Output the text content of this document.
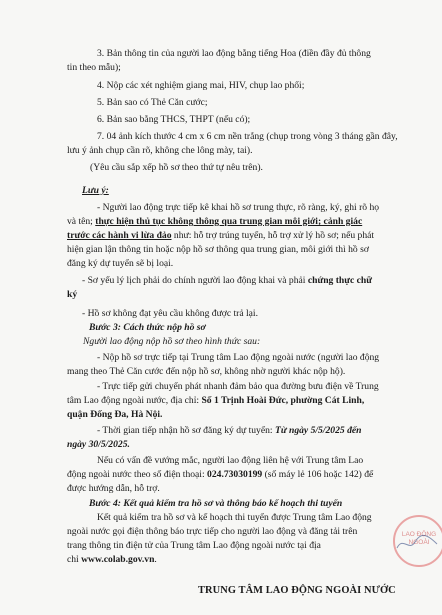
3. Bản thông tin của người lao động bằng tiếng Hoa (điền đầy đủ thông

tin theo mẫu);

4. Nộp các xét nghiệm giang mai, HIV, chụp lao phổi;

5. Bản sao có Thẻ Căn cước;

6. Bản sao bằng THCS, THPT (nếu có);

7. 04 ảnh kích thước 4 cm x 6 cm nền trắng (chụp trong vòng 3 tháng gần đây,

lưu ý ảnh chụp cần rõ, không che lông mày, tai).

(Yêu cầu sắp xếp hồ sơ theo thứ tự nêu trên).

Lưu ý:

- Người lao động trực tiếp kê khai hồ sơ trung thực, rõ ràng, ký, ghi rõ họ

và tên; thực hiện thủ tục không thông qua trung gian môi giới; cảnh giác

trước các hành vi lừa đảo như: hỗ trợ trúng tuyển, hỗ trợ xử lý hồ sơ; nếu phát

hiện gian lận thông tin hoặc nộp hồ sơ thông qua trung gian, môi giới thì hồ sơ

đăng ký dự tuyển sẽ bị loại.

- Sơ yếu lý lịch phải do chính người lao động khai và phải chứng thực chữ

ký

- Hồ sơ không đạt yêu cầu không được trả lại.

Bước 3: Cách thức nộp hồ sơ

Người lao động nộp hồ sơ theo hình thức sau:

- Nộp hồ sơ trực tiếp tại Trung tâm Lao động ngoài nước (người lao động

mang theo Thẻ Căn cước đến nộp hồ sơ, không nhờ người khác nộp hộ).

- Trực tiếp gửi chuyển phát nhanh đảm bảo qua đường bưu điện về Trung

tâm Lao động ngoài nước, địa chỉ: Số 1 Trịnh Hoài Đức, phường Cát Linh,

quận Đống Đa, Hà Nội.

- Thời gian tiếp nhận hồ sơ đăng ký dự tuyển: Từ ngày 5/5/2025 đến

ngày 30/5/2025.

Nếu có vấn đề vướng mắc, người lao động liên hệ với Trung tâm Lao

động ngoài nước theo số điện thoại: 024.73030199 (số máy lẻ 106 hoặc 142) để

được hướng dẫn, hỗ trợ.

Bước 4: Kết quả kiểm tra hồ sơ và thông báo kế hoạch thi tuyển

Kết quả kiểm tra hồ sơ và kế hoạch thi tuyển được Trung tâm Lao động

ngoài nước gọi điện thông báo trực tiếp cho người lao động và đăng tải trên

trang thông tin điện tử của Trung tâm Lao động ngoài nước tại địa

chỉ www.colab.gov.vn.

TRUNG TÂM LAO ĐỘNG NGOÀI NƯỚC

LAO ĐỘNG NGOÀI
